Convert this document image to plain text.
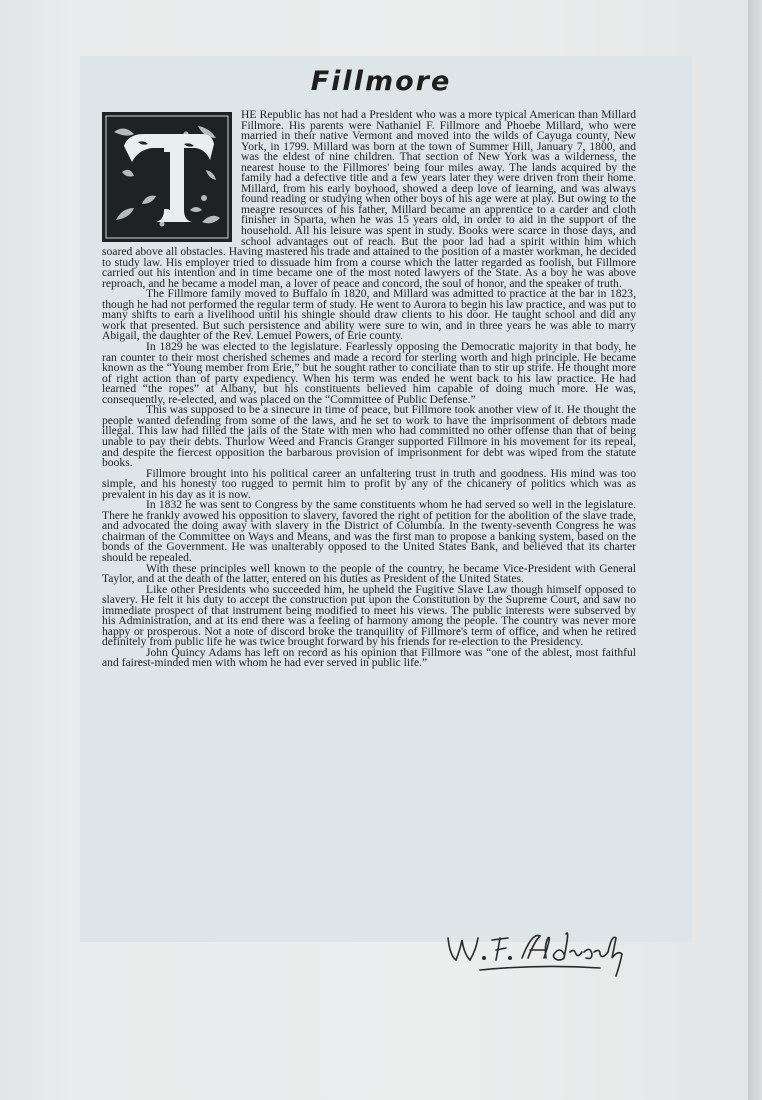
Fillmore

HE Republic has not had a President who was a more typical American than Millard Fillmore. His parents were Nathaniel F. Fillmore and Phoebe Millard, who were married in their native Vermont and moved into the wilds of Cayuga county, New York, in 1799. Millard was born at the town of Summer Hill, January 7, 1800, and was the eldest of nine children. That section of New York was a wilderness, the nearest house to the Fillmores' being four miles away. The lands acquired by the family had a defective title and a few years later they were driven from their home. Millard, from his early boyhood, showed a deep love of learning, and was always found reading or studying when other boys of his age were at play. But owing to the meagre resources of his father, Millard became an apprentice to a carder and cloth finisher in Sparta, when he was 15 years old, in order to aid in the support of the household. All his leisure was spent in study. Books were scarce in those days, and school advantages out of reach. But the poor lad had a spirit within him which soared above all obstacles. Having mastered his trade and attained to the position of a master workman, he decided to study law. His employer tried to dissuade him from a course which the latter regarded as foolish, but Fillmore carried out his intention and in time became one of the most noted lawyers of the State. As a boy he was above reproach, and he became a model man, a lover of peace and concord, the soul of honor, and the speaker of truth.

The Fillmore family moved to Buffalo in 1820, and Millard was admitted to practice at the bar in 1823, though he had not performed the regular term of study. He went to Aurora to begin his law practice, and was put to many shifts to earn a livelihood until his shingle should draw clients to his door. He taught school and did any work that presented. But such persistence and ability were sure to win, and in three years he was able to marry Abigail, the daughter of the Rev. Lemuel Powers, of Erie county.

In 1829 he was elected to the legislature. Fearlessly opposing the Democratic majority in that body, he ran counter to their most cherished schemes and made a record for sterling worth and high principle. He became known as the “Young member from Erie,” but he sought rather to conciliate than to stir up strife. He thought more of right action than of party expediency. When his term was ended he went back to his law practice. He had learned “the ropes” at Albany, but his constituents believed him capable of doing much more. He was, consequently, re-elected, and was placed on the “Committee of Public Defense.”

This was supposed to be a sinecure in time of peace, but Fillmore took another view of it. He thought the people wanted defending from some of the laws, and he set to work to have the imprisonment of debtors made illegal. This law had filled the jails of the State with men who had committed no other offense than that of being unable to pay their debts. Thurlow Weed and Francis Granger supported Fillmore in his movement for its repeal, and despite the fiercest opposition the barbarous provision of imprisonment for debt was wiped from the statute books.

Fillmore brought into his political career an unfaltering trust in truth and goodness. His mind was too simple, and his honesty too rugged to permit him to profit by any of the chicanery of politics which was as prevalent in his day as it is now.

In 1832 he was sent to Congress by the same constituents whom he had served so well in the legislature. There he frankly avowed his opposition to slavery, favored the right of petition for the abolition of the slave trade, and advocated the doing away with slavery in the District of Columbia. In the twenty-seventh Congress he was chairman of the Committee on Ways and Means, and was the first man to propose a banking system, based on the bonds of the Government. He was unalterably opposed to the United States Bank, and believed that its charter should be repealed.

With these principles well known to the people of the country, he became Vice-President with General Taylor, and at the death of the latter, entered on his duties as President of the United States.

Like other Presidents who succeeded him, he upheld the Fugitive Slave Law though himself opposed to slavery. He felt it his duty to accept the construction put upon the Constitution by the Supreme Court, and saw no immediate prospect of that instrument being modified to meet his views. The public interests were subserved by his Administration, and at its end there was a feeling of harmony among the people. The country was never more happy or prosperous. Not a note of discord broke the tranquility of Fillmore's term of office, and when he retired definitely from public life he was twice brought forward by his friends for re-election to the Presidency.

John Quincy Adams has left on record as his opinion that Fillmore was “one of the ablest, most faithful and fairest-minded men with whom he had ever served in public life.”
